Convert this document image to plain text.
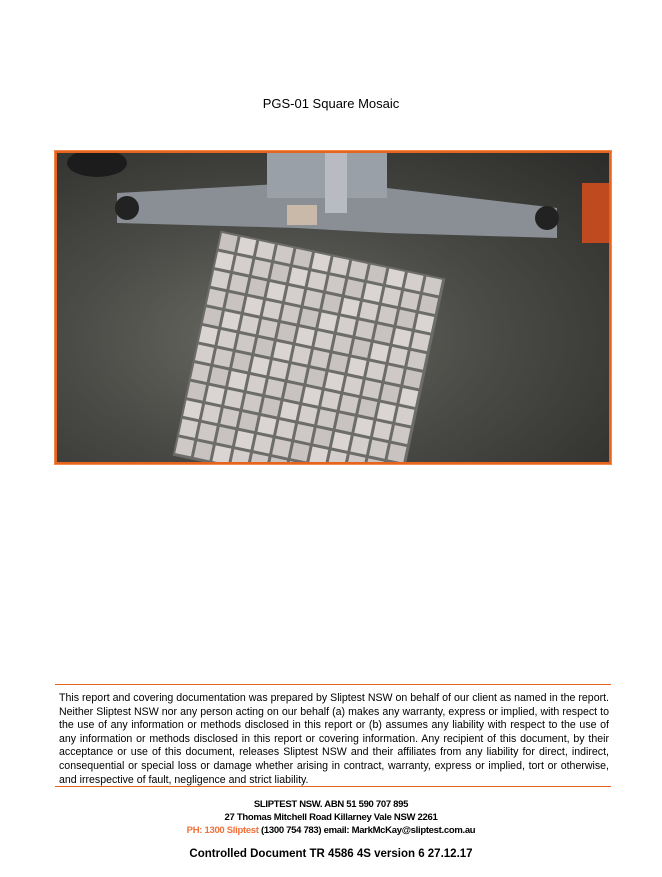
PGS-01 Square Mosaic
This report and covering documentation was prepared by Sliptest NSW on behalf of our client as named in the report. Neither Sliptest NSW nor any person acting on our behalf (a) makes any warranty, express or implied, with respect to the use of any information or methods disclosed in this report or (b) assumes any liability with respect to the use of any information or methods disclosed in this report or covering information. Any recipient of this document, by their acceptance or use of this document, releases Sliptest NSW and their affiliates from any liability for direct, indirect, consequential or special loss or damage whether arising in contract, warranty, express or implied, tort or otherwise, and irrespective of fault, negligence and strict liability.
SLIPTEST NSW. ABN 51 590 707 895
27 Thomas Mitchell Road Killarney Vale NSW 2261
PH: 1300 Sliptest (1300 754 783) email: MarkMcKay@sliptest.com.au
Controlled Document TR 4586 4S version 6 27.12.17
